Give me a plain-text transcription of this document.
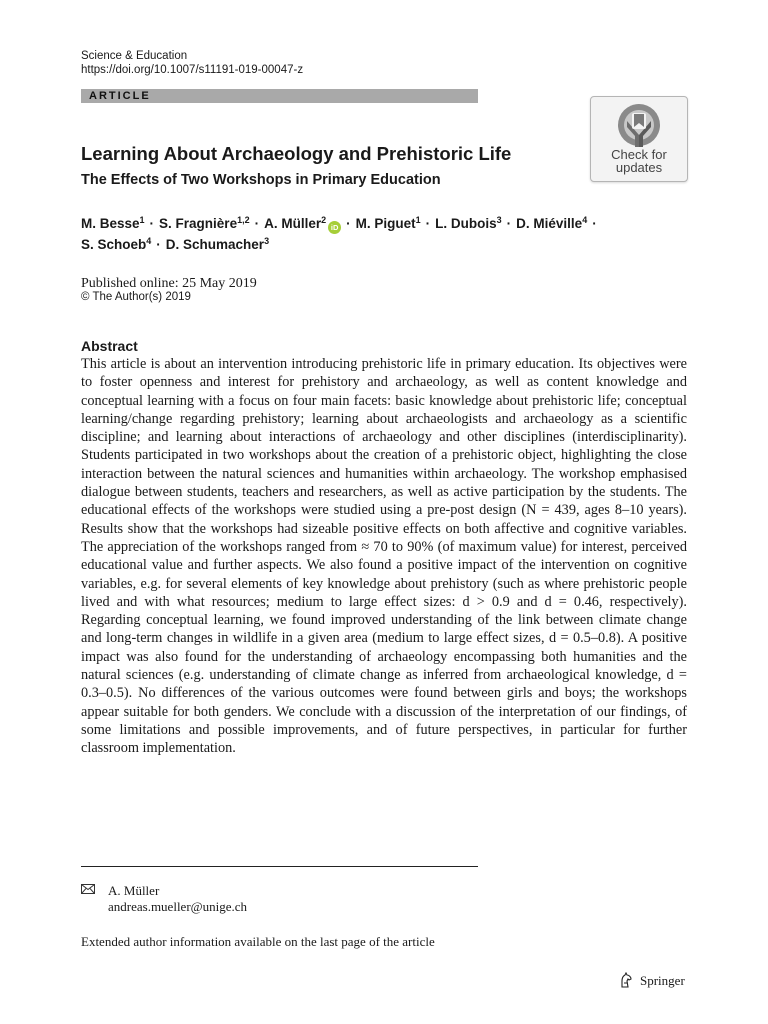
Science & Education
https://doi.org/10.1007/s11191-019-00047-z
ARTICLE
Check for
updates
Learning About Archaeology and Prehistoric Life
The Effects of Two Workshops in Primary Education
M. Besse$^1$ · S. Fragnière$^{1,2}$ · A. Müller$^2$iD · M. Piguet$^1$ · L. Dubois$^3$ · D. Miéville$^4$ ·
S. Schoeb$^4$ · D. Schumacher$^3$
Published online: 25 May 2019
© The Author(s) 2019
Abstract
This article is about an intervention introducing prehistoric life in primary education. Its objectives were to foster openness and interest for prehistory and archaeology, as well as content knowledge and conceptual learning with a focus on four main facets: basic knowledge about prehistoric life; conceptual learning/change regarding prehistory; learning about archaeologists and archaeology as a scientific discipline; and learning about interactions of archaeology and other disciplines (interdisciplinarity). Students participated in two workshops about the creation of a prehistoric object, highlighting the close interaction between the natural sciences and humanities within archaeology. The workshop emphasised dialogue between students, teachers and researchers, as well as active participation by the students. The educational effects of the workshops were studied using a pre-post design (N = 439, ages 8–10 years). Results show that the workshops had sizeable positive effects on both affective and cognitive variables. The appreciation of the workshops ranged from ≈ 70 to 90% (of maximum value) for interest, perceived educational value and further aspects. We also found a positive impact of the intervention on cognitive variables, e.g. for several elements of key knowledge about prehistory (such as where prehistoric people lived and with what resources; medium to large effect sizes: d > 0.9 and d = 0.46, respectively). Regarding conceptual learning, we found improved understanding of the link between climate change and long-term changes in wildlife in a given area (medium to large effect sizes, d = 0.5–0.8). A positive impact was also found for the understanding of archaeology encompassing both humanities and the natural sciences (e.g. understanding of climate change as inferred from archaeological knowledge, d = 0.3–0.5). No differences of the various outcomes were found between girls and boys; the workshops appear suitable for both genders. We conclude with a discussion of the interpretation of our findings, of some limitations and possible improvements, and of future perspectives, in particular for further classroom implementation.
A. Müller
andreas.mueller@unige.ch
Extended author information available on the last page of the article
Springer
